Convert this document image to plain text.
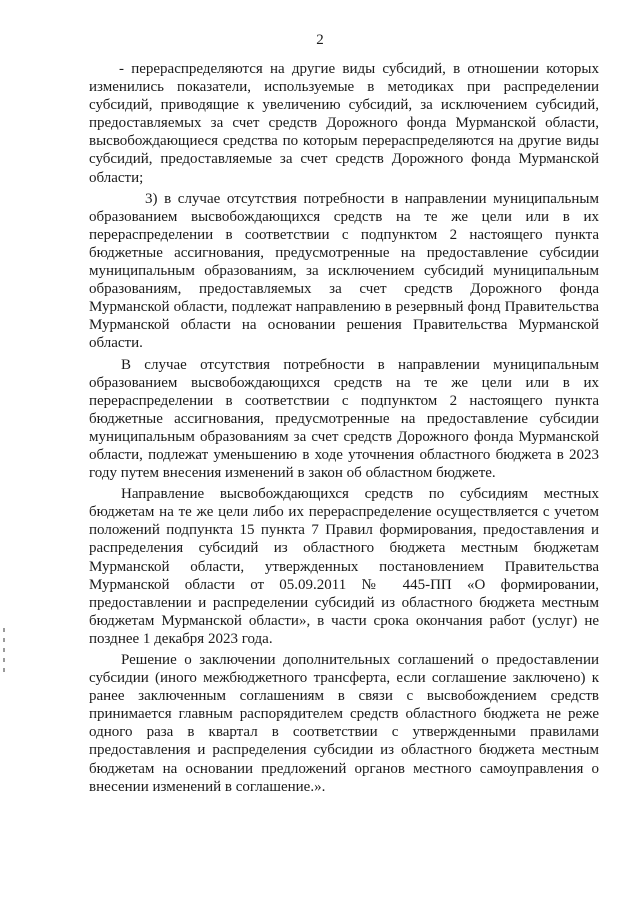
2

- перераспределяются на другие виды субсидий, в отношении которых изменились показатели, используемые в методиках при распределении субсидий, приводящие к увеличению субсидий, за исключением субсидий, предоставляемых за счет средств Дорожного фонда Мурманской области, высвобождающиеся средства по которым перераспределяются на другие виды субсидий, предоставляемые за счет средств Дорожного фонда Мурманской области;

3) в случае отсутствия потребности в направлении муниципальным образованием высвобождающихся средств на те же цели или в их перераспределении в соответствии с подпунктом 2 настоящего пункта бюджетные ассигнования, предусмотренные на предоставление субсидии муниципальным образованиям, за исключением субсидий муниципальным образованиям, предоставляемых за счет средств Дорожного фонда Мурманской области, подлежат направлению в резервный фонд Правительства Мурманской области на основании решения Правительства Мурманской области.

В случае отсутствия потребности в направлении муниципальным образованием высвобождающихся средств на те же цели или в их перераспределении в соответствии с подпунктом 2 настоящего пункта бюджетные ассигнования, предусмотренные на предоставление субсидии муниципальным образованиям за счет средств Дорожного фонда Мурманской области, подлежат уменьшению в ходе уточнения областного бюджета в 2023 году путем внесения изменений в закон об областном бюджете.

Направление высвобождающихся средств по субсидиям местных бюджетам на те же цели либо их перераспределение осуществляется с учетом положений подпункта 15 пункта 7 Правил формирования, предоставления и распределения субсидий из областного бюджета местным бюджетам Мурманской области, утвержденных постановлением Правительства Мурманской области от 05.09.2011 № 445-ПП «О формировании, предоставлении и распределении субсидий из областного бюджета местным бюджетам Мурманской области», в части срока окончания работ (услуг) не позднее 1 декабря 2023 года.

Решение о заключении дополнительных соглашений о предоставлении субсидии (иного межбюджетного трансферта, если соглашение заключено) к ранее заключенным соглашениям в связи с высвобождением средств принимается главным распорядителем средств областного бюджета не реже одного раза в квартал в соответствии с утвержденными правилами предоставления и распределения субсидии из областного бюджета местным бюджетам на основании предложений органов местного самоуправления о внесении изменений в соглашение.».
